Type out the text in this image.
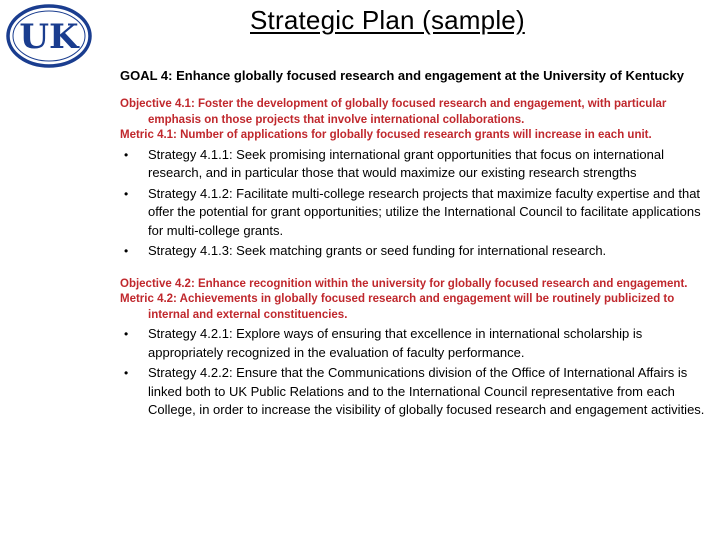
UK	Strategic Plan (sample)

GOAL 4: Enhance globally focused research and engagement at the University of Kentucky

Objective 4.1: Foster the development of globally focused research and engagement, with particular emphasis on those projects that involve international collaborations.

Metric 4.1: Number of applications for globally focused research grants will increase in each unit.

• Strategy 4.1.1: Seek promising international grant opportunities that focus on international research, and in particular those that would maximize our existing research strengths
• Strategy 4.1.2: Facilitate multi-college research projects that maximize faculty expertise and that offer the potential for grant opportunities; utilize the International Council to facilitate applications for multi-college grants.
• Strategy 4.1.3: Seek matching grants or seed funding for international research.

Objective 4.2: Enhance recognition within the university for globally focused research and engagement.

Metric 4.2: Achievements in globally focused research and engagement will be routinely publicized to internal and external constituencies.

• Strategy 4.2.1: Explore ways of ensuring that excellence in international scholarship is appropriately recognized in the evaluation of faculty performance.
• Strategy 4.2.2: Ensure that the Communications division of the Office of International Affairs is linked both to UK Public Relations and to the International Council representative from each College, in order to increase the visibility of globally focused research and engagement activities.
